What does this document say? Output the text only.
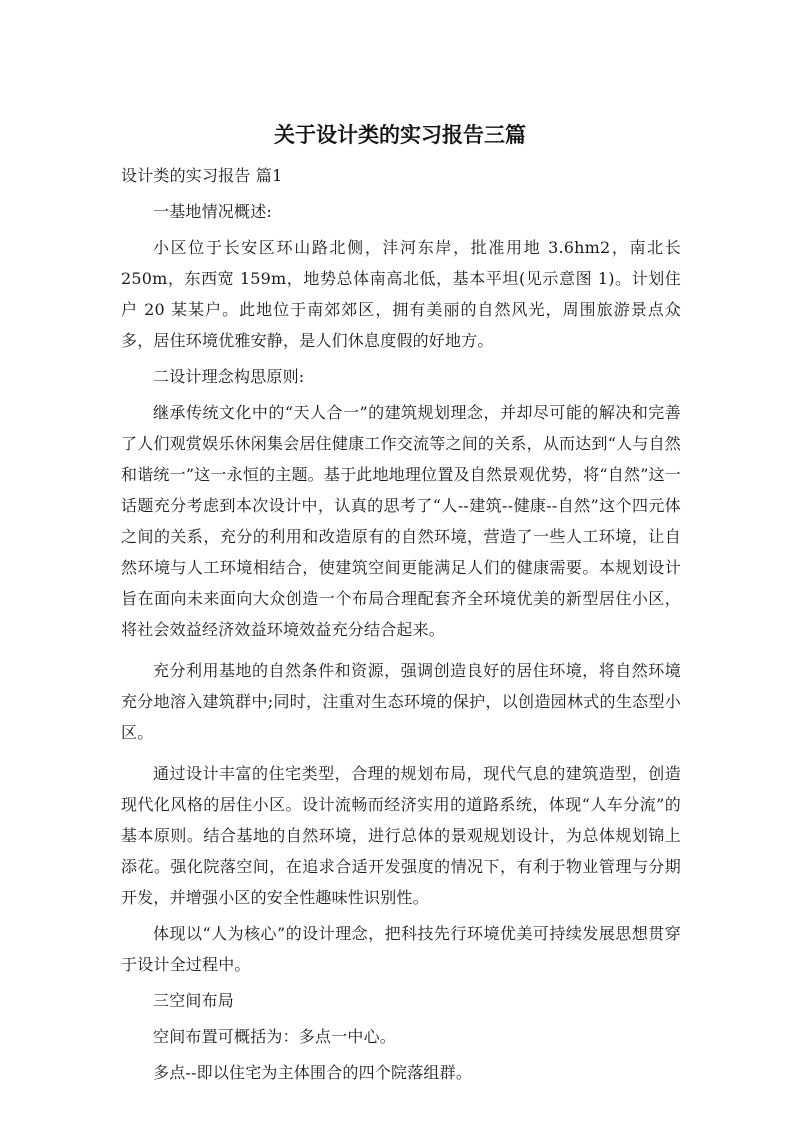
关于设计类的实习报告三篇

设计类的实习报告 篇1

一基地情况概述:

小区位于长安区环山路北侧，沣河东岸，批准用地 3.6hm2，南北长 250m，东西宽 159m，地势总体南高北低，基本平坦(见示意图 1)。计划住户 20 某某户。此地位于南郊郊区，拥有美丽的自然风光，周围旅游景点众多，居住环境优雅安静，是人们休息度假的好地方。

二设计理念构思原则:

继承传统文化中的“天人合一”的建筑规划理念，并却尽可能的解决和完善了人们观赏娱乐休闲集会居住健康工作交流等之间的关系，从而达到“人与自然和谐统一”这一永恒的主题。基于此地地理位置及自然景观优势，将“自然”这一话题充分考虑到本次设计中，认真的思考了“人--建筑--健康--自然”这个四元体之间的关系，充分的利用和改造原有的自然环境，营造了一些人工环境，让自然环境与人工环境相结合，使建筑空间更能满足人们的健康需要。本规划设计旨在面向未来面向大众创造一个布局合理配套齐全环境优美的新型居住小区，将社会效益经济效益环境效益充分结合起来。

充分利用基地的自然条件和资源，强调创造良好的居住环境，将自然环境充分地溶入建筑群中;同时，注重对生态环境的保护，以创造园林式的生态型小区。

通过设计丰富的住宅类型，合理的规划布局，现代气息的建筑造型，创造现代化风格的居住小区。设计流畅而经济实用的道路系统，体现“人车分流”的基本原则。结合基地的自然环境，进行总体的景观规划设计，为总体规划锦上添花。强化院落空间，在追求合适开发强度的情况下，有利于物业管理与分期开发，并增强小区的安全性趣味性识别性。

体现以“人为核心”的设计理念，把科技先行环境优美可持续发展思想贯穿于设计全过程中。

三空间布局

空间布置可概括为：多点一中心。

多点--即以住宅为主体围合的四个院落组群。
